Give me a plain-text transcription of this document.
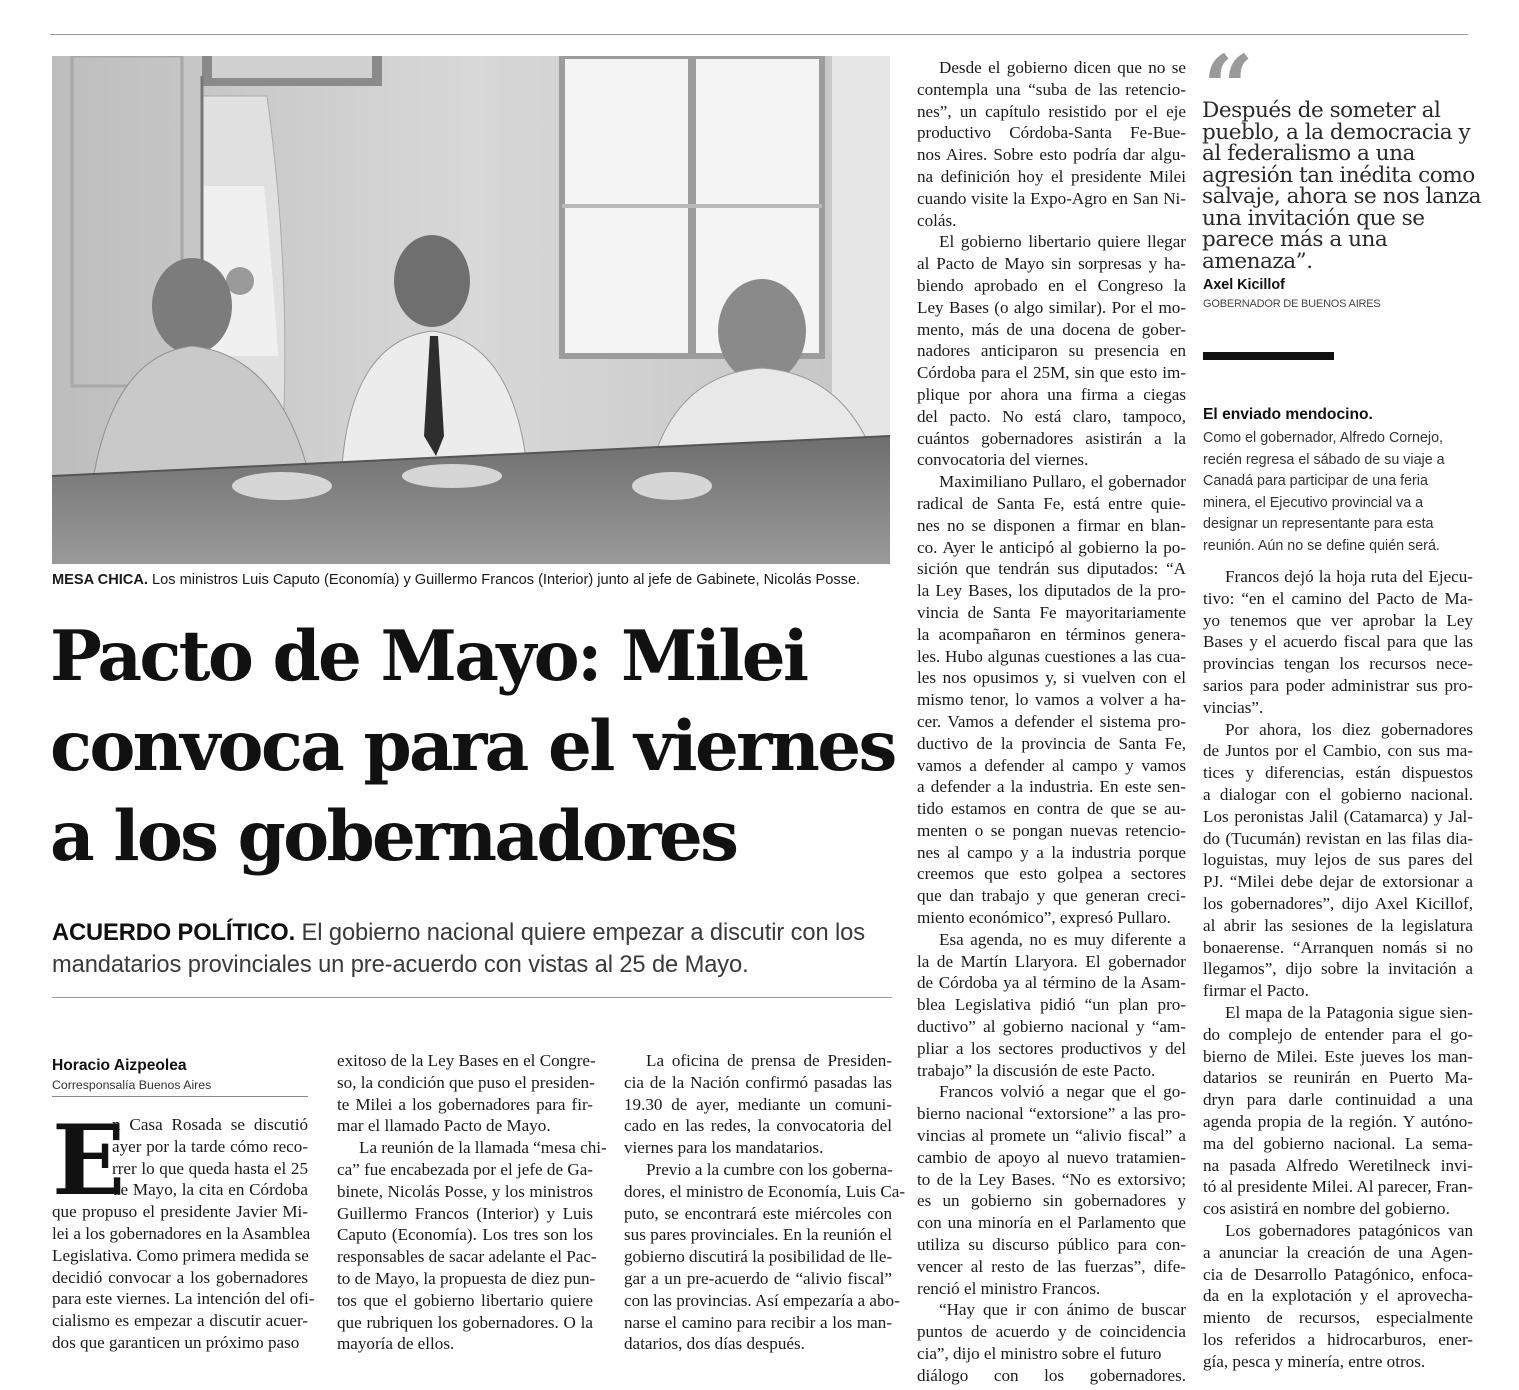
MESA CHICA. Los ministros Luis Caputo (Economía) y Guillermo Francos (Interior) junto al jefe de Gabinete, Nicolás Posse.
Pacto de Mayo: Milei
convoca para el viernes
a los gobernadores
ACUERDO POLÍTICO. El gobierno nacional quiere empezar a discutir con los mandatarios provinciales un pre-acuerdo con vistas al 25 de Mayo.
Horacio Aizpeolea
Corresponsalía Buenos Aires
E
n Casa Rosada se discutió
ayer por la tarde cómo reco-
rrer lo que queda hasta el 25
de Mayo, la cita en Córdoba
que propuso el presidente Javier Mi-
lei a los gobernadores en la Asamblea
Legislativa. Como primera medida se
decidió convocar a los gobernadores
para este viernes. La intención del ofi-
cialismo es empezar a discutir acuer-
dos que garanticen un próximo paso
exitoso de la Ley Bases en el Congre-
so, la condición que puso el presiden-
te Milei a los gobernadores para fir-
mar el llamado Pacto de Mayo.
La reunión de la llamada “mesa chi-
ca” fue encabezada por el jefe de Ga-
binete, Nicolás Posse, y los ministros
Guillermo Francos (Interior) y Luis
Caputo (Economía). Los tres son los
responsables de sacar adelante el Pac-
to de Mayo, la propuesta de diez pun-
tos que el gobierno libertario quiere
que rubriquen los gobernadores. O la
mayoría de ellos.
La oficina de prensa de Presiden-
cia de la Nación confirmó pasadas las
19.30 de ayer, mediante un comuni-
cado en las redes, la convocatoria del
viernes para los mandatarios.
Previo a la cumbre con los goberna-
dores, el ministro de Economía, Luis Ca-
puto, se encontrará este miércoles con
sus pares provinciales. En la reunión el
gobierno discutirá la posibilidad de lle-
gar a un pre-acuerdo de “alivio fiscal”
con las provincias. Así empezaría a abo-
narse el camino para recibir a los man-
datarios, dos días después.
Desde el gobierno dicen que no se
contempla una “suba de las retencio-
nes”, un capítulo resistido por el eje
productivo Córdoba-Santa Fe-Bue-
nos Aires. Sobre esto podría dar algu-
na definición hoy el presidente Milei
cuando visite la Expo-Agro en San Ni-
colás.
El gobierno libertario quiere llegar
al Pacto de Mayo sin sorpresas y ha-
biendo aprobado en el Congreso la
Ley Bases (o algo similar). Por el mo-
mento, más de una docena de gober-
nadores anticiparon su presencia en
Córdoba para el 25M, sin que esto im-
plique por ahora una firma a ciegas
del pacto. No está claro, tampoco,
cuántos gobernadores asistirán a la
convocatoria del viernes.
Maximiliano Pullaro, el gobernador
radical de Santa Fe, está entre quie-
nes no se disponen a firmar en blan-
co. Ayer le anticipó al gobierno la po-
sición que tendrán sus diputados: “A
la Ley Bases, los diputados de la pro-
vincia de Santa Fe mayoritariamente
la acompañaron en términos genera-
les. Hubo algunas cuestiones a las cua-
les nos opusimos y, si vuelven con el
mismo tenor, lo vamos a volver a ha-
cer. Vamos a defender el sistema pro-
ductivo de la provincia de Santa Fe,
vamos a defender al campo y vamos
a defender a la industria. En este sen-
tido estamos en contra de que se au-
menten o se pongan nuevas retencio-
nes al campo y a la industria porque
creemos que esto golpea a sectores
que dan trabajo y que generan creci-
miento económico”, expresó Pullaro.
Esa agenda, no es muy diferente a
la de Martín Llaryora. El gobernador
de Córdoba ya al término de la Asam-
blea Legislativa pidió “un plan pro-
ductivo” al gobierno nacional y “am-
pliar a los sectores productivos y del
trabajo” la discusión de este Pacto.
Francos volvió a negar que el go-
bierno nacional “extorsione” a las pro-
vincias al promete un “alivio fiscal” a
cambio de apoyo al nuevo tratamien-
to de la Ley Bases. “No es extorsivo;
es un gobierno sin gobernadores y
con una minoría en el Parlamento que
utiliza su discurso público para con-
vencer al resto de las fuerzas”, dife-
renció el ministro Francos.
“Hay que ir con ánimo de buscar
puntos de acuerdo y de coincidencia
cia”, dijo el ministro sobre el futuro
diálogo con los gobernadores.
Francos dejó la hoja ruta del Ejecu-
tivo: “en el camino del Pacto de Ma-
yo tenemos que ver aprobar la Ley
Bases y el acuerdo fiscal para que las
provincias tengan los recursos nece-
sarios para poder administrar sus pro-
vincias”.
Por ahora, los diez gobernadores
de Juntos por el Cambio, con sus ma-
tices y diferencias, están dispuestos
a dialogar con el gobierno nacional.
Los peronistas Jalil (Catamarca) y Jal-
do (Tucumán) revistan en las filas dia-
loguistas, muy lejos de sus pares del
PJ. “Milei debe dejar de extorsionar a
los gobernadores”, dijo Axel Kicillof,
al abrir las sesiones de la legislatura
bonaerense. “Arranquen nomás si no
llegamos”, dijo sobre la invitación a
firmar el Pacto.
El mapa de la Patagonia sigue sien-
do complejo de entender para el go-
bierno de Milei. Este jueves los man-
datarios se reunirán en Puerto Ma-
dryn para darle continuidad a una
agenda propia de la región. Y autóno-
ma del gobierno nacional. La sema-
na pasada Alfredo Weretilneck invi-
tó al presidente Milei. Al parecer, Fran-
cos asistirá en nombre del gobierno.
Los gobernadores patagónicos van
a anunciar la creación de una Agen-
cia de Desarrollo Patagónico, enfoca-
da en la explotación y el aprovecha-
miento de recursos, especialmente
los referidos a hidrocarburos, ener-
gía, pesca y minería, entre otros.
“
Después de someter al
pueblo, a la democracia y
al federalismo a una
agresión tan inédita como
salvaje, ahora se nos lanza
una invitación que se
parece más a una
amenaza”.
Axel Kicillof
GOBERNADOR DE BUENOS AIRES
El enviado mendocino.
Como el gobernador, Alfredo Cornejo,
recién regresa el sábado de su viaje a
Canadá para participar de una feria
minera, el Ejecutivo provincial va a
designar un representante para esta
reunión. Aún no se define quién será.
